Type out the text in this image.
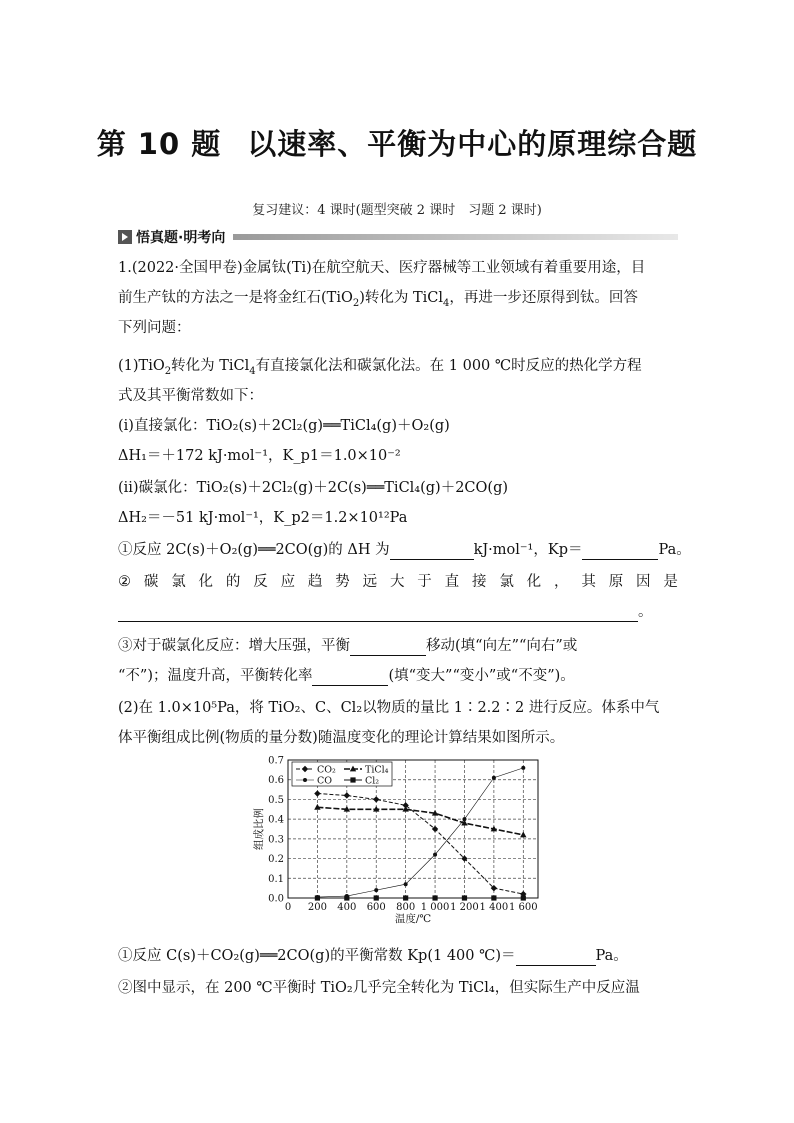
第 10 题 以速率、平衡为中心的原理综合题
复习建议：4 课时(题型突破 2 课时　习题 2 课时)
悟真题·明考向
1.(2022·全国甲卷)金属钛(Ti)在航空航天、医疗器械等工业领域有着重要用途，目
前生产钛的方法之一是将金红石(TiO$_2$)转化为 TiCl$_4$，再进一步还原得到钛。回答
下列问题：
(1)TiO$_2$转化为 TiCl$_4$有直接氯化法和碳氯化法。在 1 000 ℃时反应的热化学方程
式及其平衡常数如下：
(ⅰ)直接氯化：TiO₂(s)＋2Cl₂(g)══TiCl₄(g)＋O₂(g)
ΔH₁＝＋172 kJ·mol⁻¹，K_p1＝1.0×10⁻²
(ⅱ)碳氯化：TiO₂(s)＋2Cl₂(g)＋2C(s)══TiCl₄(g)＋2CO(g)
ΔH₂＝－51 kJ·mol⁻¹，K_p2＝1.2×10¹²Pa
①反应 2C(s)＋O₂(g)══2CO(g)的 ΔH 为	kJ·mol⁻¹，Kp＝	Pa。
② 碳 氯 化 的 反 应 趋 势 远 大 于 直 接 氯 化 ， 其 原 因 是
。
③对于碳氯化反应：增大压强，平衡	移动(填“向左”“向右”或
“不”)；温度升高，平衡转化率	(填“变大”“变小”或“不变”)。
(2)在 1.0×10⁵Pa，将 TiO₂、C、Cl₂以物质的量比 1∶2.2∶2 进行反应。体系中气
体平衡组成比例(物质的量分数)随温度变化的理论计算结果如图所示。
0.0
0.1
0.2
0.3
0.4
0.5
0.6
0.7
0 200 400 600 800 1 000 1 200 1 400 1 600
温度/℃
组成比例
CO₂	TiCl₄
CO	Cl₂
①反应 C(s)＋CO₂(g)══2CO(g)的平衡常数 Kp(1 400 ℃)＝	Pa。
②图中显示，在 200 ℃平衡时 TiO₂几乎完全转化为 TiCl₄，但实际生产中反应温
